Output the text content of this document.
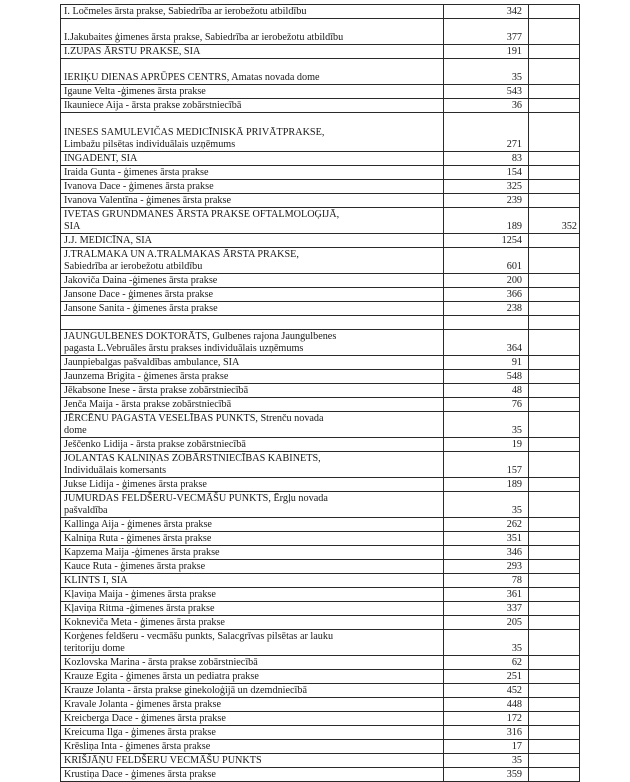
I. Ločmeles ārsta prakse, Sabiedrība ar ierobežotu atbildību	342	

I.Jakubaites ģimenes ārsta prakse, Sabiedrība ar ierobežotu atbildību	377	

I.ZUPAS ĀRSTU PRAKSE, SIA	191	

IERIĶU DIENAS APRŪPES CENTRS, Amatas novada dome	35	

Igaune Velta -ģimenes ārsta prakse	543	

Ikauniece Aija - ārsta prakse zobārstniecībā	36	

INESES SAMULEVIČAS MEDICĪNISKĀ PRIVĀTPRAKSE,
Limbažu pilsētas individuālais uzņēmums	271	

INGADENT, SIA	83	

Iraida Gunta - ģimenes ārsta prakse	154	

Ivanova Dace - ģimenes ārsta prakse	325	

Ivanova Valentīna - ģimenes ārsta prakse	239	

IVETAS GRUNDMANES ĀRSTA PRAKSE OFTALMOLOĢIJĀ,
SIA	189	352

J.J. MEDICĪNA, SIA	1254	

J.TRALMAKA UN A.TRALMAKAS ĀRSTA PRAKSE,
Sabiedrība ar ierobežotu atbildību	601	

Jakoviča Daina -ģimenes ārsta prakse	200	

Jansone Dace - ģimenes ārsta prakse	366	

Jansone Sanita - ģimenes ārsta prakse	238	

JAUNGULBENES DOKTORĀTS, Gulbenes rajona Jaungulbenes
pagasta L.Vebruāles ārstu prakses individuālais uzņēmums	364	

Jaunpiebalgas pašvaldības ambulance, SIA	91	

Jaunzema Brigita - ģimenes ārsta prakse	548	

Jēkabsone Inese - ārsta prakse zobārstniecībā	48	

Jenča Maija - ārsta prakse zobārstniecībā	76	

JĒRCĒNU PAGASTA VESELĪBAS PUNKTS, Strenču novada
dome	35	

Ješčenko Lidija - ārsta prakse zobārstniecībā	19	

JOLANTAS KALNIŅAS ZOBĀRSTNIECĪBAS KABINETS,
Individuālais komersants	157	

Jukse Lidija - ģimenes ārsta prakse	189	

JUMURDAS FELDŠERU-VECMĀŠU PUNKTS, Ērgļu novada
pašvaldība	35	

Kallinga Aija - ģimenes ārsta prakse	262	

Kalniņa Ruta - ģimenes ārsta prakse	351	

Kapzema Maija -ģimenes ārsta prakse	346	

Kauce Ruta - ģimenes ārsta prakse	293	

KLINTS I, SIA	78	

Kļaviņa Maija - ģimenes ārsta prakse	361	

Kļaviņa Ritma -ģimenes ārsta prakse	337	

Kokneviča Meta - ģimenes ārsta prakse	205	

Korģenes feldšeru - vecmāšu punkts, Salacgrīvas pilsētas ar lauku
teritoriju dome	35	

Kozlovska Marina - ārsta prakse zobārstniecībā	62	

Krauze Egita - ģimenes ārsta un pediatra prakse	251	

Krauze Jolanta - ārsta prakse ginekoloģijā un dzemdniecībā	452	

Kravale Jolanta - ģimenes ārsta prakse	448	

Kreicberga Dace - ģimenes ārsta prakse	172	

Kreicuma Ilga - ģimenes ārsta prakse	316	

Krēsliņa Inta - ģimenes ārsta prakse	17	

KRIŠJĀŅU FELDŠERU VECMĀŠU PUNKTS	35	

Krustiņa Dace - ģimenes ārsta prakse	359	
